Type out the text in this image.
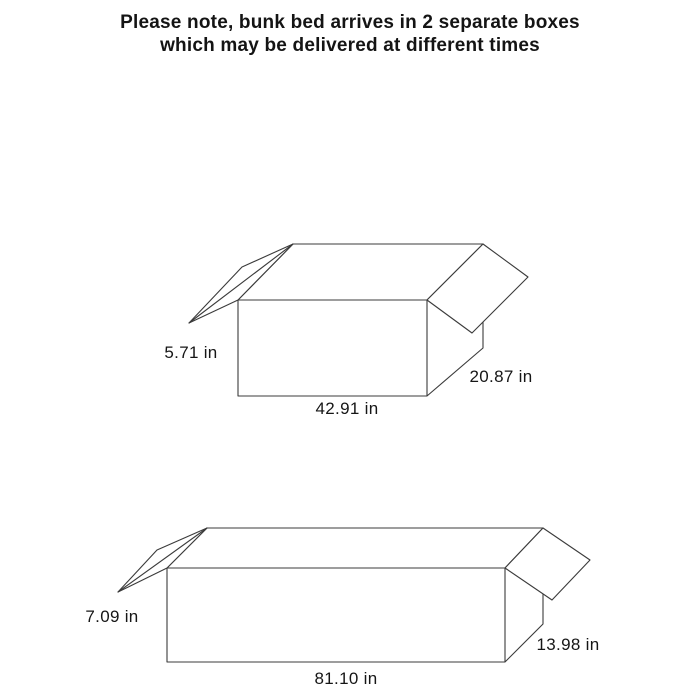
Please note, bunk bed arrives in 2 separate boxes
which may be delivered at different times
5.71 in
42.91 in
20.87 in
7.09 in
81.10 in
13.98 in
